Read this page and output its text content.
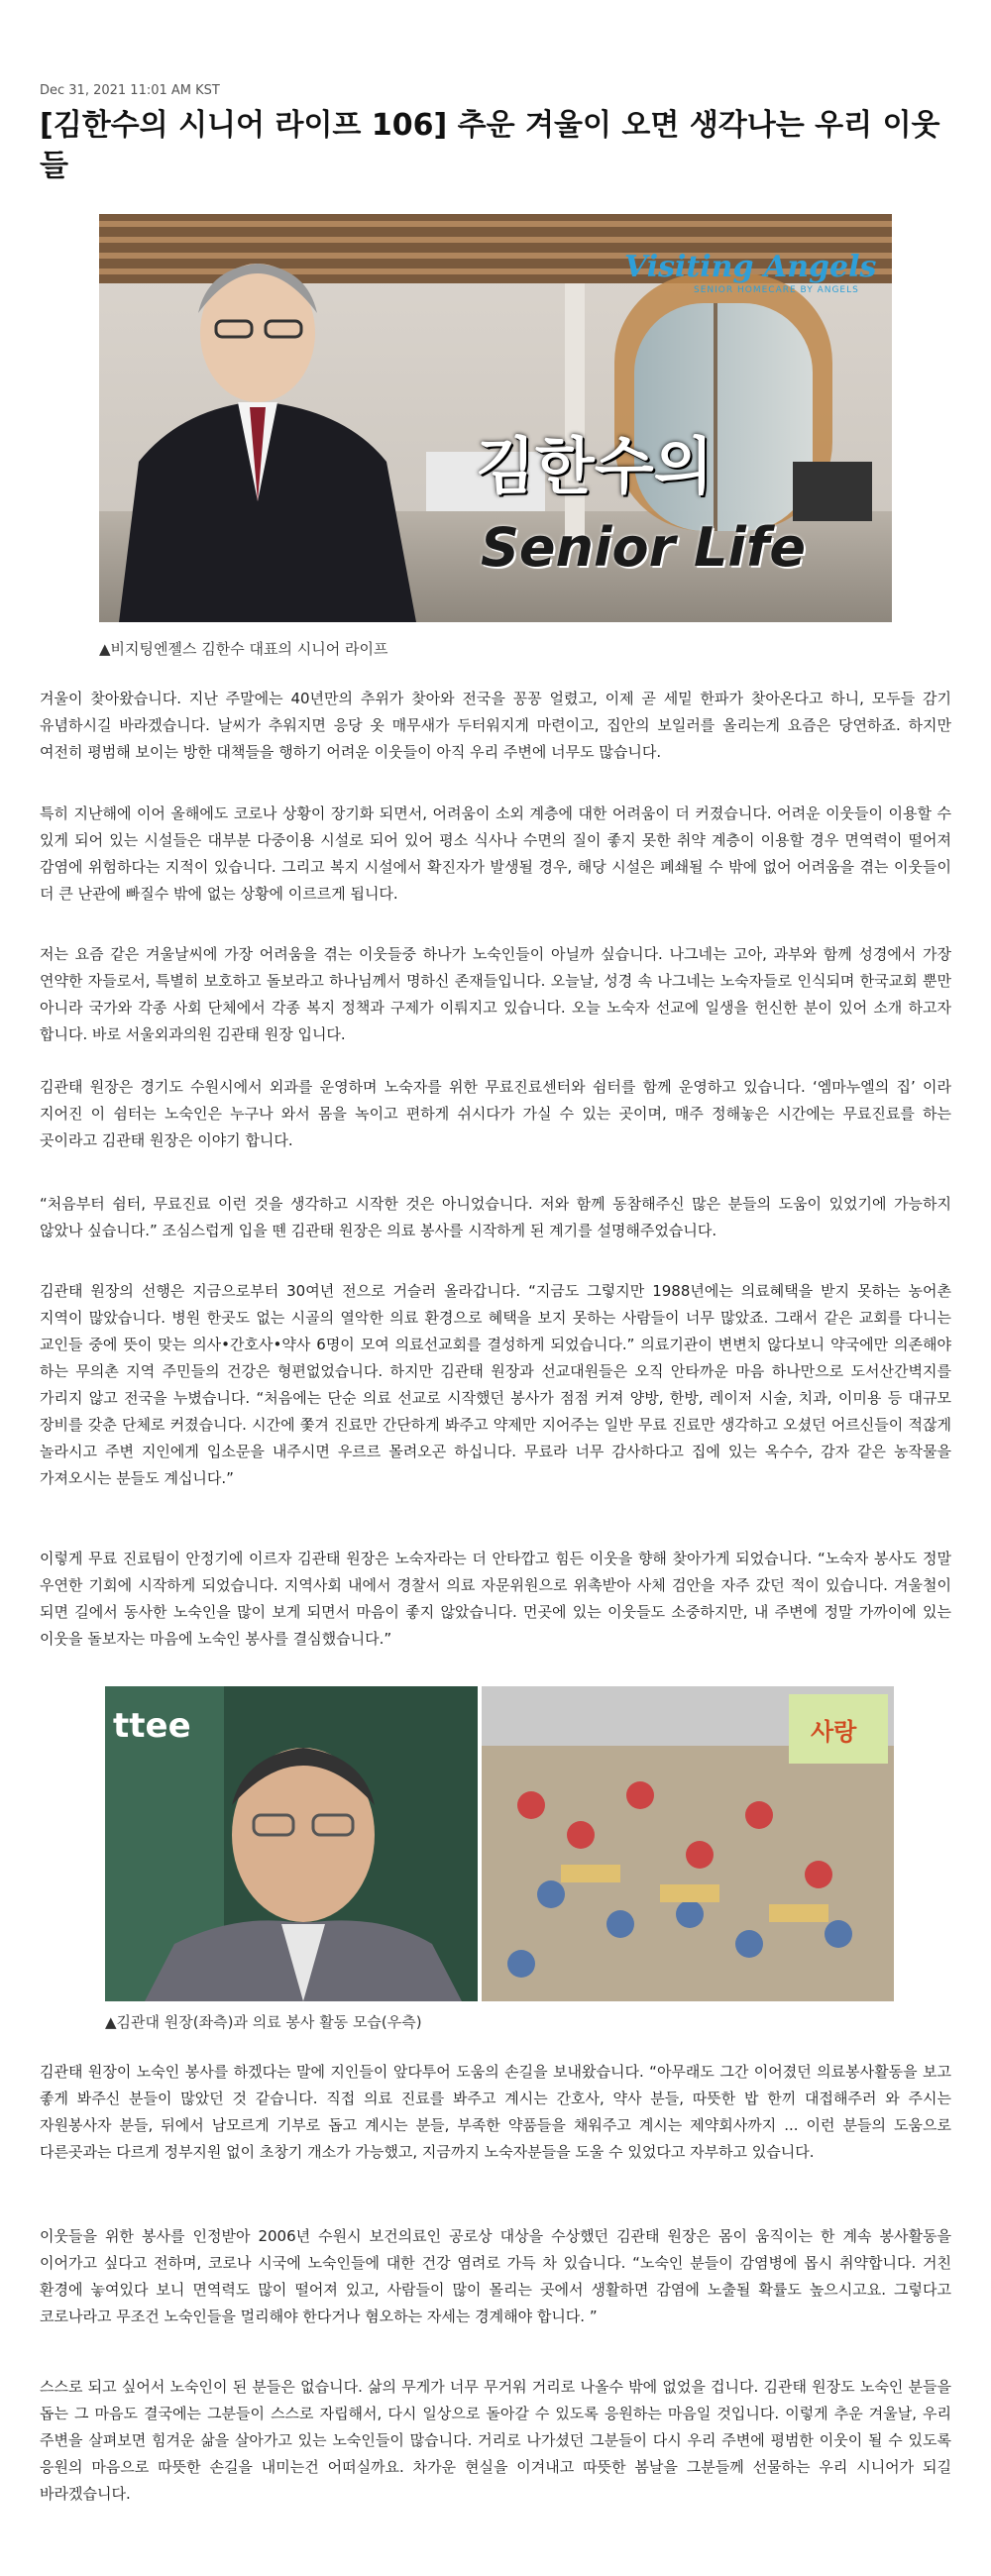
Dec 31, 2021 11:01 AM KST
[김한수의 시니어 라이프 106] 추운 겨울이 오면 생각나는 우리 이웃들
Visiting Angels
SENIOR HOMECARE BY ANGELS
김한수의
Senior Life
▲비지팅엔젤스 김한수 대표의 시니어 라이프

겨울이 찾아왔습니다. 지난 주말에는 40년만의 추위가 찾아와 전국을 꽁꽁 얼렸고, 이제 곧 세밑 한파가 찾아온다고 하니, 모두들 감기 유념하시길 바라겠습니다. 날씨가 추워지면 응당 옷 매무새가 두터워지게 마련이고, 집안의 보일러를 올리는게 요즘은 당연하죠. 하지만 여전히 평범해 보이는 방한 대책들을 행하기 어려운 이웃들이 아직 우리 주변에 너무도 많습니다.

특히 지난해에 이어 올해에도 코로나 상황이 장기화 되면서, 어려움이 소외 계층에 대한 어려움이 더 커졌습니다. 어려운 이웃들이 이용할 수 있게 되어 있는 시설들은 대부분 다중이용 시설로 되어 있어 평소 식사나 수면의 질이 좋지 못한 취약 계층이 이용할 경우 면역력이 떨어져 감염에 위험하다는 지적이 있습니다. 그리고 복지 시설에서 확진자가 발생될 경우, 해당 시설은 폐쇄될 수 밖에 없어 어려움을 겪는 이웃들이 더 큰 난관에 빠질수 밖에 없는 상황에 이르르게 됩니다.

저는 요즘 같은 겨울날씨에 가장 어려움을 겪는 이웃들중 하나가 노숙인들이 아닐까 싶습니다. 나그네는 고아, 과부와 함께 성경에서 가장 연약한 자들로서, 특별히 보호하고 돌보라고 하나님께서 명하신 존재들입니다. 오늘날, 성경 속 나그네는 노숙자들로 인식되며 한국교회 뿐만 아니라 국가와 각종 사회 단체에서 각종 복지 정책과 구제가 이뤄지고 있습니다. 오늘 노숙자 선교에 일생을 헌신한 분이 있어 소개 하고자 합니다. 바로 서울외과의원 김관태 원장 입니다.

김관태 원장은 경기도 수원시에서 외과를 운영하며 노숙자를 위한 무료진료센터와 쉼터를 함께 운영하고 있습니다. ‘엠마누엘의 집’ 이라 지어진 이 쉼터는 노숙인은 누구나 와서 몸을 녹이고 편하게 쉬시다가 가실 수 있는 곳이며, 매주 정해놓은 시간에는 무료진료를 하는 곳이라고 김관태 원장은 이야기 합니다.

“처음부터 쉼터, 무료진료 이런 것을 생각하고 시작한 것은 아니었습니다. 저와 함께 동참해주신 많은 분들의 도움이 있었기에 가능하지 않았나 싶습니다.” 조심스럽게 입을 뗀 김관태 원장은 의료 봉사를 시작하게 된 계기를 설명해주었습니다.

김관태 원장의 선행은 지금으로부터 30여년 전으로 거슬러 올라갑니다. “지금도 그렇지만 1988년에는 의료혜택을 받지 못하는 농어촌 지역이 많았습니다. 병원 한곳도 없는 시골의 열악한 의료 환경으로 혜택을 보지 못하는 사람들이 너무 많았죠. 그래서 같은 교회를 다니는 교인들 중에 뜻이 맞는 의사•간호사•약사 6명이 모여 의료선교회를 결성하게 되었습니다.” 의료기관이 변변치 않다보니 약국에만 의존해야 하는 무의촌 지역 주민들의 건강은 형편없었습니다. 하지만 김관태 원장과 선교대원들은 오직 안타까운 마음 하나만으로 도서산간벽지를 가리지 않고 전국을 누볐습니다. “처음에는 단순 의료 선교로 시작했던 봉사가 점점 커져 양방, 한방, 레이저 시술, 치과, 이미용 등 대규모 장비를 갖춘 단체로 커졌습니다. 시간에 쫓겨 진료만 간단하게 봐주고 약제만 지어주는 일반 무료 진료만 생각하고 오셨던 어르신들이 적잖게 놀라시고 주변 지인에게 입소문을 내주시면 우르르 몰려오곤 하십니다. 무료라 너무 감사하다고 집에 있는 옥수수, 감자 같은 농작물을 가져오시는 분들도 계십니다.”

이렇게 무료 진료팀이 안정기에 이르자 김관태 원장은 노숙자라는 더 안타깝고 힘든 이웃을 향해 찾아가게 되었습니다. “노숙자 봉사도 정말 우연한 기회에 시작하게 되었습니다. 지역사회 내에서 경찰서 의료 자문위원으로 위촉받아 사체 검안을 자주 갔던 적이 있습니다. 겨울철이 되면 길에서 동사한 노숙인을 많이 보게 되면서 마음이 좋지 않았습니다. 먼곳에 있는 이웃들도 소중하지만, 내 주변에 정말 가까이에 있는 이웃을 돌보자는 마음에 노숙인 봉사를 결심했습니다.”

ttee	사랑
▲김관대 원장(좌측)과 의료 봉사 활동 모습(우측)

김관태 원장이 노숙인 봉사를 하겠다는 말에 지인들이 앞다투어 도움의 손길을 보내왔습니다. “아무래도 그간 이어졌던 의료봉사활동을 보고 좋게 봐주신 분들이 많았던 것 같습니다. 직접 의료 진료를 봐주고 계시는 간호사, 약사 분들, 따뜻한 밥 한끼 대접해주러 와 주시는 자원봉사자 분들, 뒤에서 남모르게 기부로 돕고 계시는 분들, 부족한 약품들을 채워주고 계시는 제약회사까지 ... 이런 분들의 도움으로 다른곳과는 다르게 정부지원 없이 초창기 개소가 가능했고, 지금까지 노숙자분들을 도울 수 있었다고 자부하고 있습니다.

이웃들을 위한 봉사를 인정받아 2006년 수원시 보건의료인 공로상 대상을 수상했던 김관태 원장은 몸이 움직이는 한 계속 봉사활동을 이어가고 싶다고 전하며, 코로나 시국에 노숙인들에 대한 건강 염려로 가득 차 있습니다. “노숙인 분들이 감염병에 몹시 취약합니다. 거친 환경에 놓여있다 보니 면역력도 많이 떨어져 있고, 사람들이 많이 몰리는 곳에서 생활하면 감염에 노출될 확률도 높으시고요. 그렇다고 코로나라고 무조건 노숙인들을 멀리해야 한다거나 혐오하는 자세는 경계해야 합니다. ”

스스로 되고 싶어서 노숙인이 된 분들은 없습니다. 삶의 무게가 너무 무거워 거리로 나올수 밖에 없었을 겁니다. 김관태 원장도 노숙인 분들을 돕는 그 마음도 결국에는 그분들이 스스로 자립해서, 다시 일상으로 돌아갈 수 있도록 응원하는 마음일 것입니다. 이렇게 추운 겨울날, 우리 주변을 살펴보면 힘겨운 삶을 살아가고 있는 노숙인들이 많습니다. 거리로 나가셨던 그분들이 다시 우리 주변에 평범한 이웃이 될 수 있도록 응원의 마음으로 따뜻한 손길을 내미는건 어떠실까요. 차가운 현실을 이겨내고 따뜻한 봄날을 그분들께 선물하는 우리 시니어가 되길 바라겠습니다.
